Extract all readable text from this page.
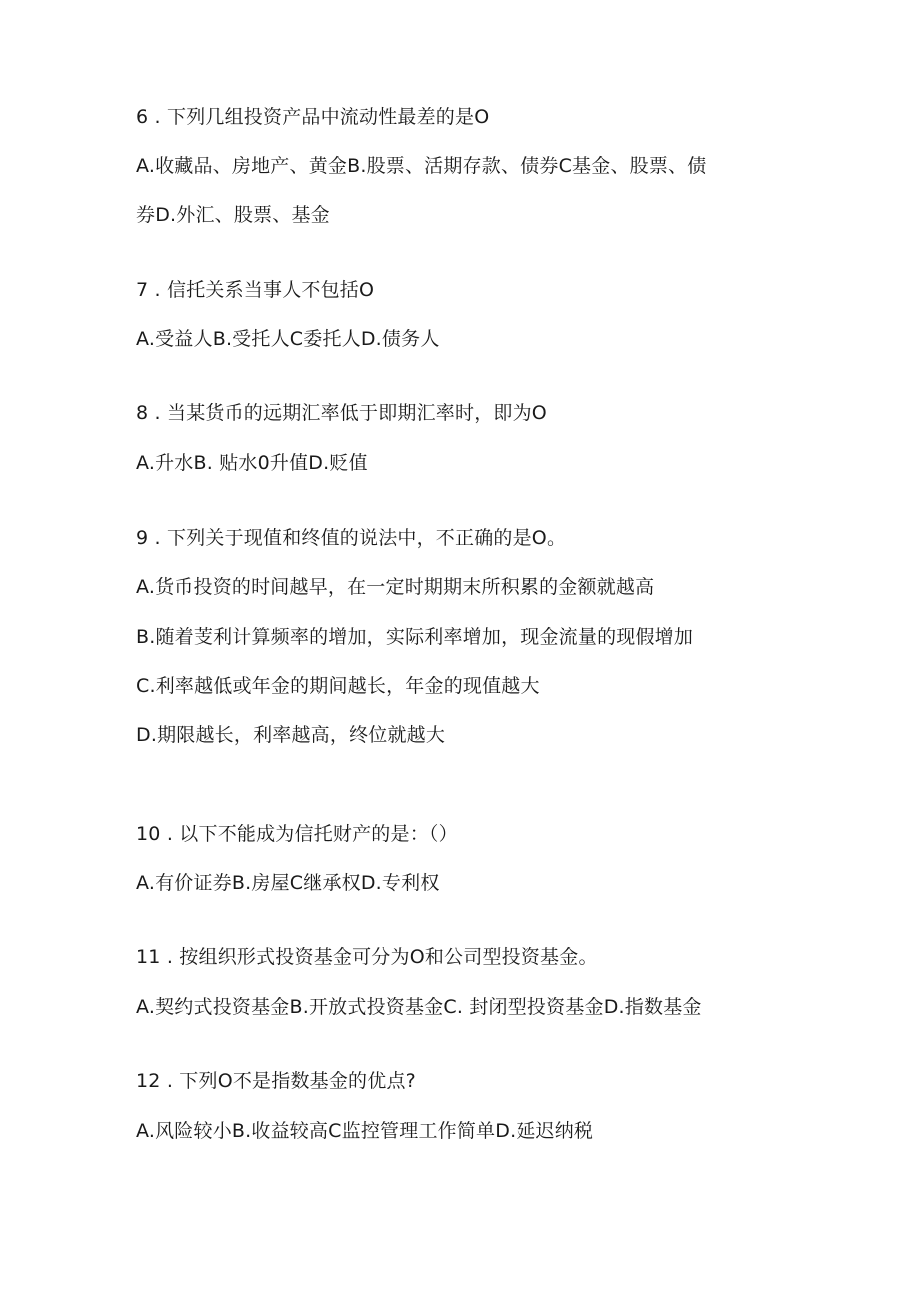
6 . 下列几组投资产品中流动性最差的是O
A.收藏品、房地产、黄金B.股票、活期存款、债券C基金、股票、债
券D.外汇、股票、基金
7 . 信托关系当事人不包括O
A.受益人B.受托人C委托人D.债务人
8 . 当某货币的远期汇率低于即期汇率时，即为O
A.升水B. 贴水0升值D.贬值
9 . 下列关于现值和终值的说法中，不正确的是O。
A.货币投资的时间越早，在一定时期期末所积累的金额就越高
B.随着芰利计算频率的增加，实际利率增加，现金流量的现假增加
C.利率越低或年金的期间越长，年金的现值越大
D.期限越长，利率越高，终位就越大
10 . 以下不能成为信托财产的是：（）
A.有价证券B.房屋C继承权D.专利权
11 . 按组织形式投资基金可分为O和公司型投资基金。
A.契约式投资基金B.开放式投资基金C. 封闭型投资基金D.指数基金
12 . 下列O不是指数基金的优点?
A.风险较小B.收益较高C监控管理工作简单D.延迟纳税
